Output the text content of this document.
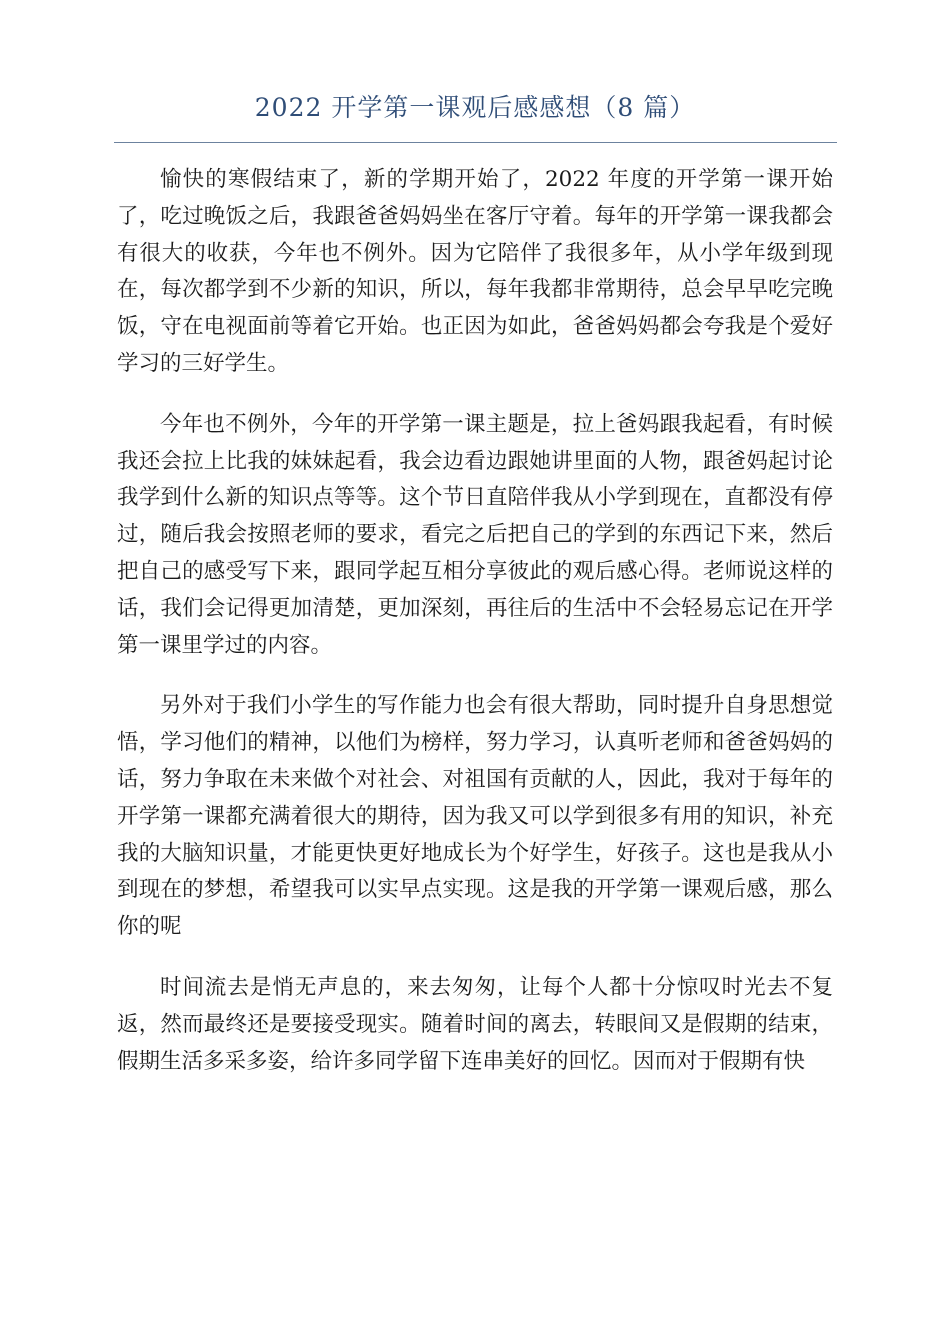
2022 开学第一课观后感感想（8 篇）

愉快的寒假结束了，新的学期开始了，2022 年度的开学第一课开始了，吃过晚饭之后，我跟爸爸妈妈坐在客厅守着。每年的开学第一课我都会有很大的收获，今年也不例外。因为它陪伴了我很多年，从小学年级到现在，每次都学到不少新的知识，所以，每年我都非常期待，总会早早吃完晚饭，守在电视面前等着它开始。也正因为如此，爸爸妈妈都会夸我是个爱好学习的三好学生。

今年也不例外，今年的开学第一课主题是，拉上爸妈跟我起看，有时候我还会拉上比我的妹妹起看，我会边看边跟她讲里面的人物，跟爸妈起讨论我学到什么新的知识点等等。这个节日直陪伴我从小学到现在，直都没有停过，随后我会按照老师的要求，看完之后把自己的学到的东西记下来，然后把自己的感受写下来，跟同学起互相分享彼此的观后感心得。老师说这样的话，我们会记得更加清楚，更加深刻，再往后的生活中不会轻易忘记在开学第一课里学过的内容。

另外对于我们小学生的写作能力也会有很大帮助，同时提升自身思想觉悟，学习他们的精神，以他们为榜样，努力学习，认真听老师和爸爸妈妈的话，努力争取在未来做个对社会、对祖国有贡献的人，因此，我对于每年的开学第一课都充满着很大的期待，因为我又可以学到很多有用的知识，补充我的大脑知识量，才能更快更好地成长为个好学生，好孩子。这也是我从小到现在的梦想，希望我可以实早点实现。这是我的开学第一课观后感，那么你的呢

时间流去是悄无声息的，来去匆匆，让每个人都十分惊叹时光去不复返，然而最终还是要接受现实。随着时间的离去，转眼间又是假期的结束，假期生活多采多姿，给许多同学留下连串美好的回忆。因而对于假期有快
